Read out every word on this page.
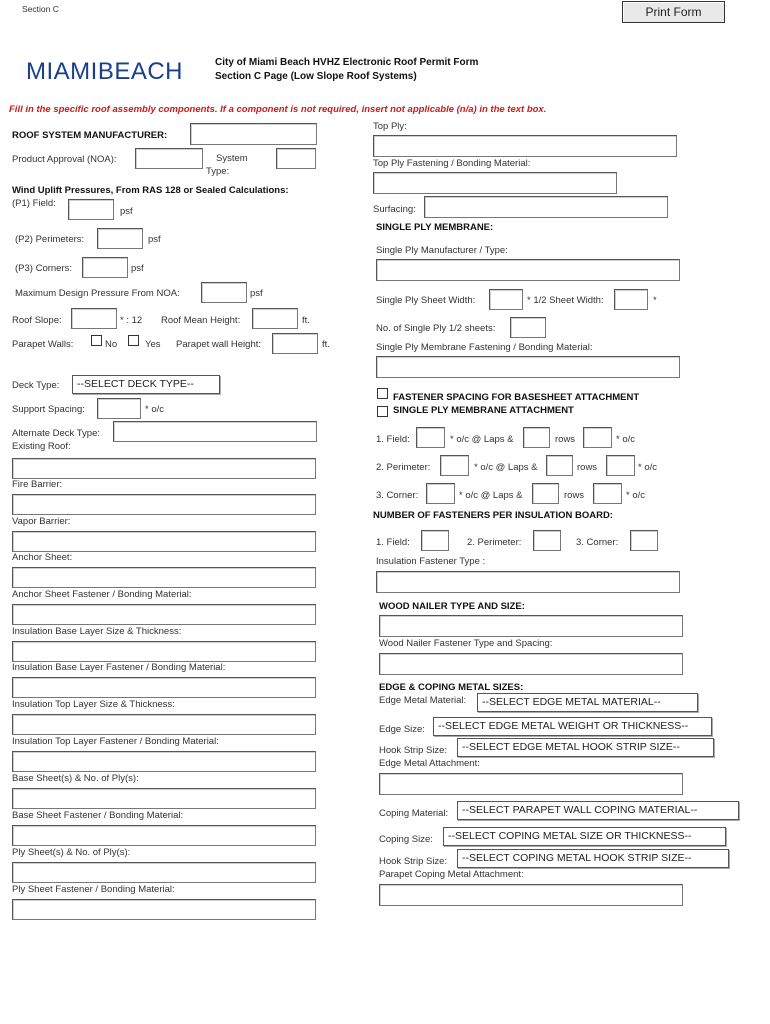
Section C	Print Form
MIAMIBEACH	City of Miami Beach HVHZ Electronic Roof Permit Form
Section C Page (Low Slope Roof Systems)
Fill in the specific roof assembly components. If a component is not required, insert not applicable (n/a) in the text box.
ROOF SYSTEM MANUFACTURER:
Product Approval (NOA):	System
Type:
Wind Uplift Pressures, From RAS 128 or Sealed Calculations:
(P1) Field:
psf
(P2) Perimeters:	psf
(P3) Corners:	psf
Maximum Design Pressure From NOA:	psf
Roof Slope:	* : 12 Roof Mean Height:	ft.
Parapet Walls:	No	Yes Parapet wall Height:	ft.
Deck Type:	--SELECT DECK TYPE--
Support Spacing:	* o/c
Alternate Deck Type:
Existing Roof:
Fire Barrier:
Vapor Barrier:
Anchor Sheet:
Anchor Sheet Fastener / Bonding Material:
Insulation Base Layer Size & Thickness:
Insulation Base Layer Fastener / Bonding Material:
Insulation Top Layer Size & Thickness:
Insulation Top Layer Fastener / Bonding Material:
Base Sheet(s) & No. of Ply(s):
Base Sheet Fastener / Bonding Material:
Ply Sheet(s) & No. of Ply(s):
Ply Sheet Fastener / Bonding Material:
Top Ply:
Top Ply Fastening / Bonding Material:
Surfacing:
SINGLE PLY MEMBRANE:
Single Ply Manufacturer / Type:
Single Ply Sheet Width:	* 1/2 Sheet Width:	*
No. of Single Ply 1/2 sheets:
Single Ply Membrane Fastening / Bonding Material:
FASTENER SPACING FOR BASESHEET ATTACHMENT
SINGLE PLY MEMBRANE ATTACHMENT
1. Field:	* o/c @ Laps &	rows	* o/c
2. Perimeter:	* o/c @ Laps &	rows	* o/c
3. Corner:	* o/c @ Laps &	rows	* o/c
NUMBER OF FASTENERS PER INSULATION BOARD:
1. Field:	2. Perimeter:	3. Corner:
Insulation Fastener Type :
WOOD NAILER TYPE AND SIZE:
Wood Nailer Fastener Type and Spacing:
EDGE & COPING METAL SIZES:
Edge Metal Material:	--SELECT EDGE METAL MATERIAL--
Edge Size:	--SELECT EDGE METAL WEIGHT OR THICKNESS--
Hook Strip Size:	--SELECT EDGE METAL HOOK STRIP SIZE--
Edge Metal Attachment:
Coping Material:	--SELECT PARAPET WALL COPING MATERIAL--
Coping Size:	--SELECT COPING METAL SIZE OR THICKNESS--
Hook Strip Size:	--SELECT COPING METAL HOOK STRIP SIZE--
Parapet Coping Metal Attachment:
